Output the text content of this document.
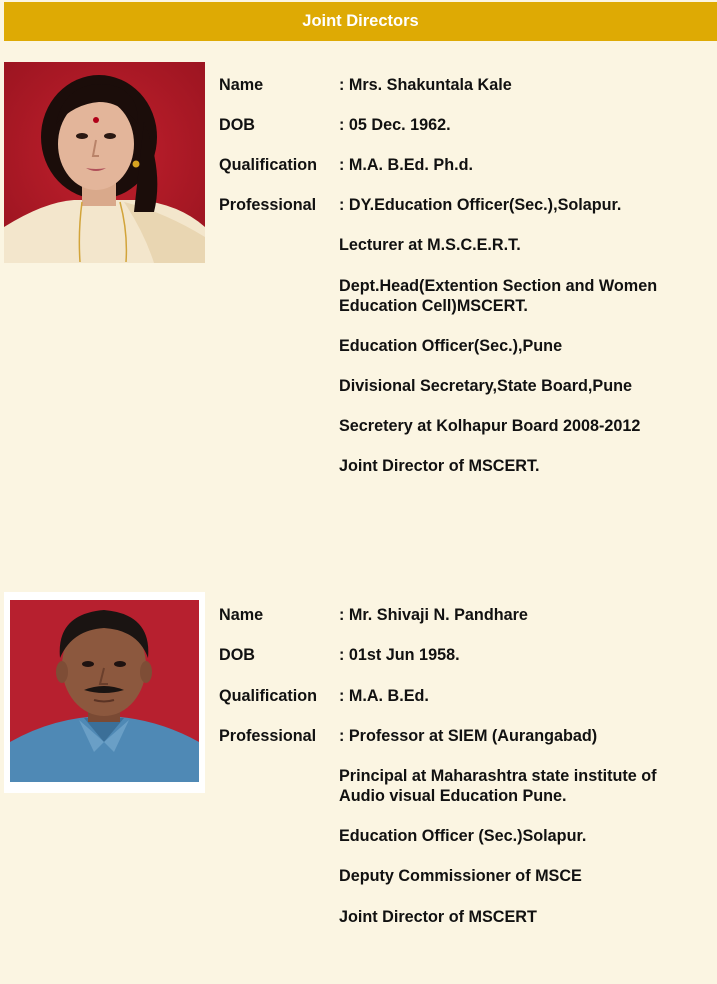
Joint Directors
Name	: Mrs. Shakuntala Kale
DOB	: 05 Dec. 1962.
Qualification	: M.A. B.Ed. Ph.d.
Professional	: DY.Education Officer(Sec.),Solapur.
Lecturer at M.S.C.E.R.T.
Dept.Head(Extention Section and Women Education Cell)MSCERT.
Education Officer(Sec.),Pune
Divisional Secretary,State Board,Pune
Secretery at Kolhapur Board 2008-2012
Joint Director of MSCERT.
Name	: Mr. Shivaji N. Pandhare
DOB	: 01st Jun 1958.
Qualification	: M.A. B.Ed.
Professional	: Professor at SIEM (Aurangabad)
Principal at Maharashtra state institute of Audio visual Education Pune.
Education Officer (Sec.)Solapur.
Deputy Commissioner of MSCE
Joint Director of MSCERT
